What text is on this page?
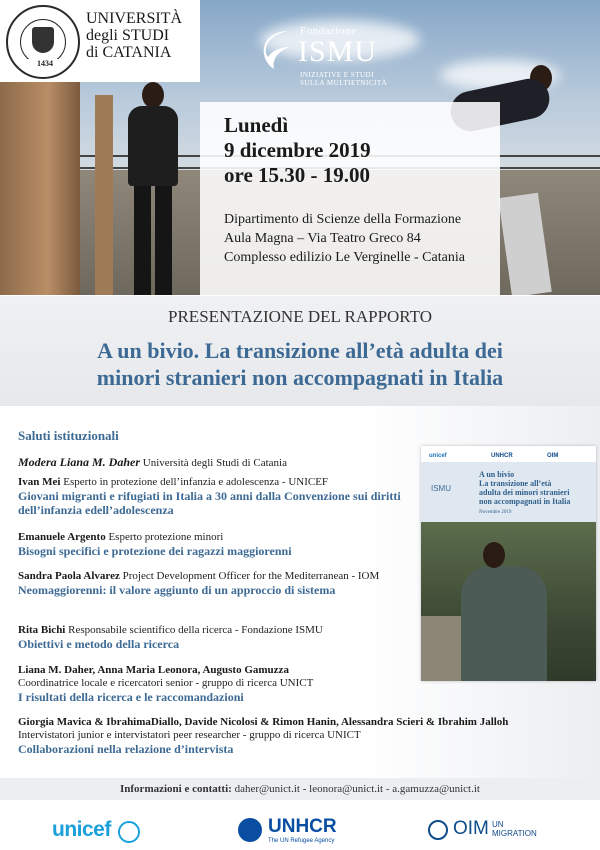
1434
UNIVERSITÀ
degli STUDI
di CATANIA
Fondazione
ISMU
INIZIATIVE E STUDI
SULLA MULTIETNICITÀ
Lunedì
9 dicembre 2019
ore 15.30 - 19.00
Dipartimento di Scienze della Formazione
Aula Magna – Via Teatro Greco 84
Complesso edilizio Le Verginelle - Catania
PRESENTAZIONE DEL RAPPORTO
A un bivio. La transizione all’età adulta dei
minori stranieri non accompagnati in Italia
Saluti istituzionali
Modera Liana M. Daher Università degli Studi di Catania
Ivan Mei Esperto in protezione dell’infanzia e adolescenza - UNICEF
Giovani migranti e rifugiati in Italia a 30 anni dalla Convenzione sui diritti dell’infanzia edell’adolescenza
Emanuele Argento Esperto protezione minori
Bisogni specifici e protezione dei ragazzi maggiorenni
Sandra Paola Alvarez Project Development Officer for the Mediterranean - IOM
Neomaggiorenni: il valore aggiunto di un approccio di sistema
Rita Bichi Responsabile scientifico della ricerca - Fondazione ISMU
Obiettivi e metodo della ricerca
Liana M. Daher, Anna Maria Leonora, Augusto Gamuzza
Coordinatrice locale e ricercatori senior - gruppo di ricerca UNICT
I risultati della ricerca e le raccomandazioni
Giorgia Mavica & IbrahimaDiallo, Davide Nicolosi & Rimon Hanin, Alessandra Scieri & Ibrahim Jalloh Intervistatori junior e intervistatori peer researcher - gruppo di ricerca UNICT
Collaborazioni nella relazione d’intervista
unicef	UNHCR	OIM
ISMU
A un bivio
La transizione all’età
adulta dei minori stranieri
non accompagnati in Italia
Novembre 2019
Informazioni e contatti: daher@unict.it - leonora@unict.it - a.gamuzza@unict.it
unicef	UNHCR
The UN Refugee Agency
OIM UN
MIGRATION
